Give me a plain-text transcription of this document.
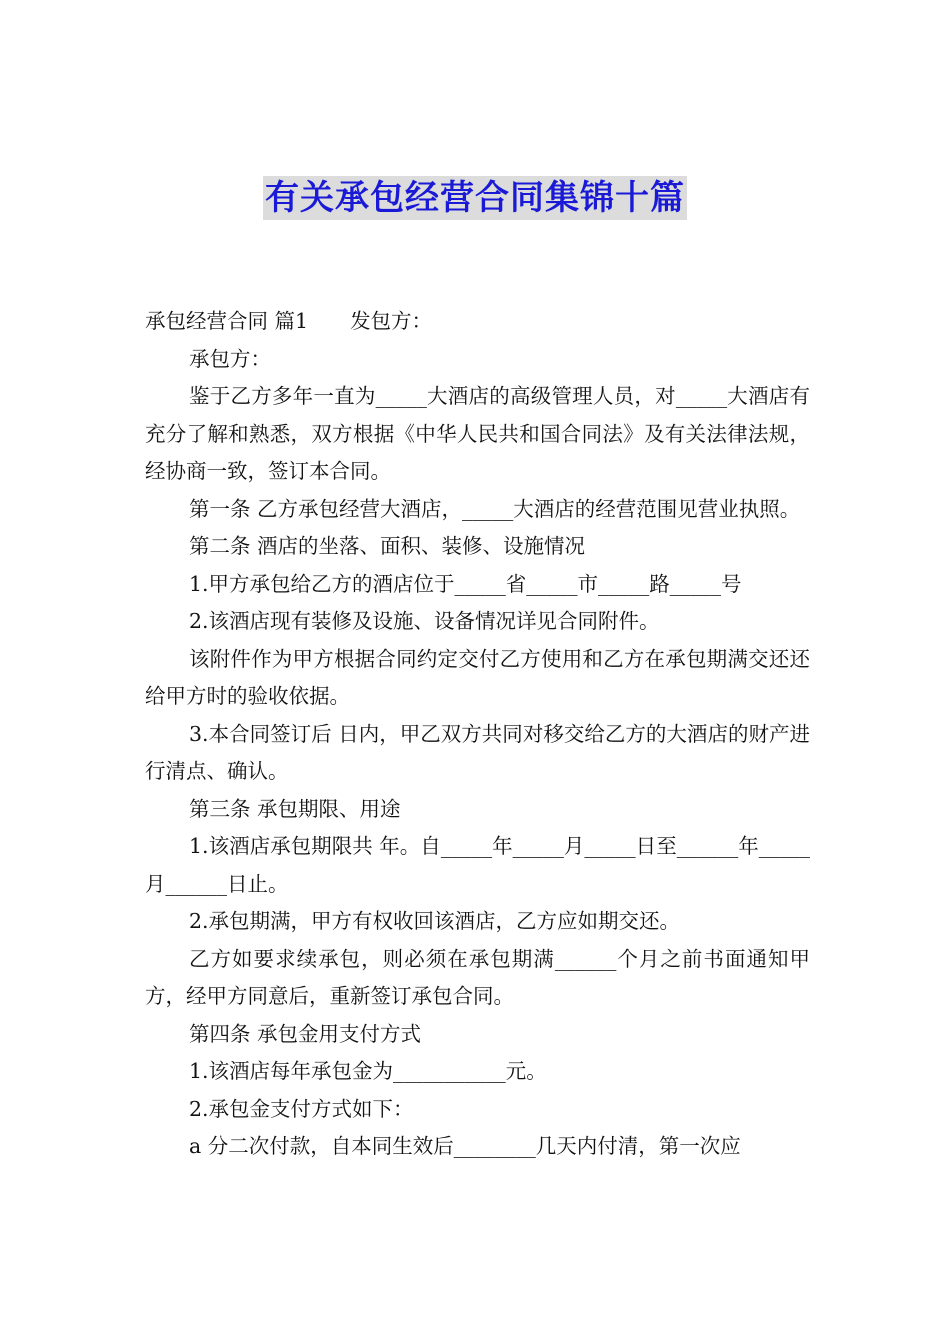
有关承包经营合同集锦十篇

承包经营合同 篇1 发包方：

承包方：

鉴于乙方多年一直为_____大酒店的高级管理人员，对_____大酒店有充分了解和熟悉，双方根据《中华人民共和国合同法》及有关法律法规，经协商一致，签订本合同。

第一条 乙方承包经营大酒店，_____大酒店的经营范围见营业执照。

第二条 酒店的坐落、面积、装修、设施情况

1.甲方承包给乙方的酒店位于_____省_____市_____路_____号

2.该酒店现有装修及设施、设备情况详见合同附件。

该附件作为甲方根据合同约定交付乙方使用和乙方在承包期满交还还给甲方时的验收依据。

3.本合同签订后 日内，甲乙双方共同对移交给乙方的大酒店的财产进行清点、确认。

第三条 承包期限、用途

1.该酒店承包期限共 年。自_____年_____月_____日至______年_____月______日止。

2.承包期满，甲方有权收回该酒店，乙方应如期交还。

乙方如要求续承包，则必须在承包期满______个月之前书面通知甲方，经甲方同意后，重新签订承包合同。

第四条 承包金用支付方式

1.该酒店每年承包金为___________元。

2.承包金支付方式如下：

a 分二次付款，自本同生效后________几天内付清，第一次应
